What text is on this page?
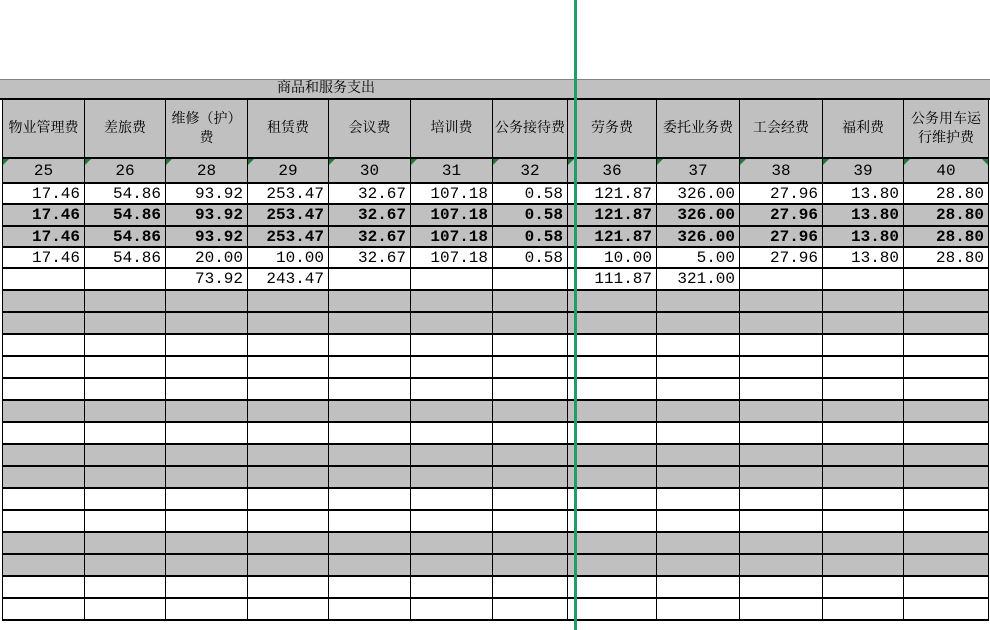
商品和服务支出
物业管理费	差旅费	维修（护）费	租赁费	会议费	培训费	公务接待费	劳务费	委托业务费	工会经费	福利费	公务用车运行维护费

25	26	28	29	30	31	32	36	37	38	39	40
17.46	54.86	93.92	253.47	32.67	107.18	0.58	121.87	326.00	27.96	13.80	28.80
17.46	54.86	93.92	253.47	32.67	107.18	0.58	121.87	326.00	27.96	13.80	28.80
17.46	54.86	93.92	253.47	32.67	107.18	0.58	121.87	326.00	27.96	13.80	28.80
17.46	54.86	20.00	10.00	32.67	107.18	0.58	10.00	5.00	27.96	13.80	28.80
		73.92	243.47				111.87	321.00			
